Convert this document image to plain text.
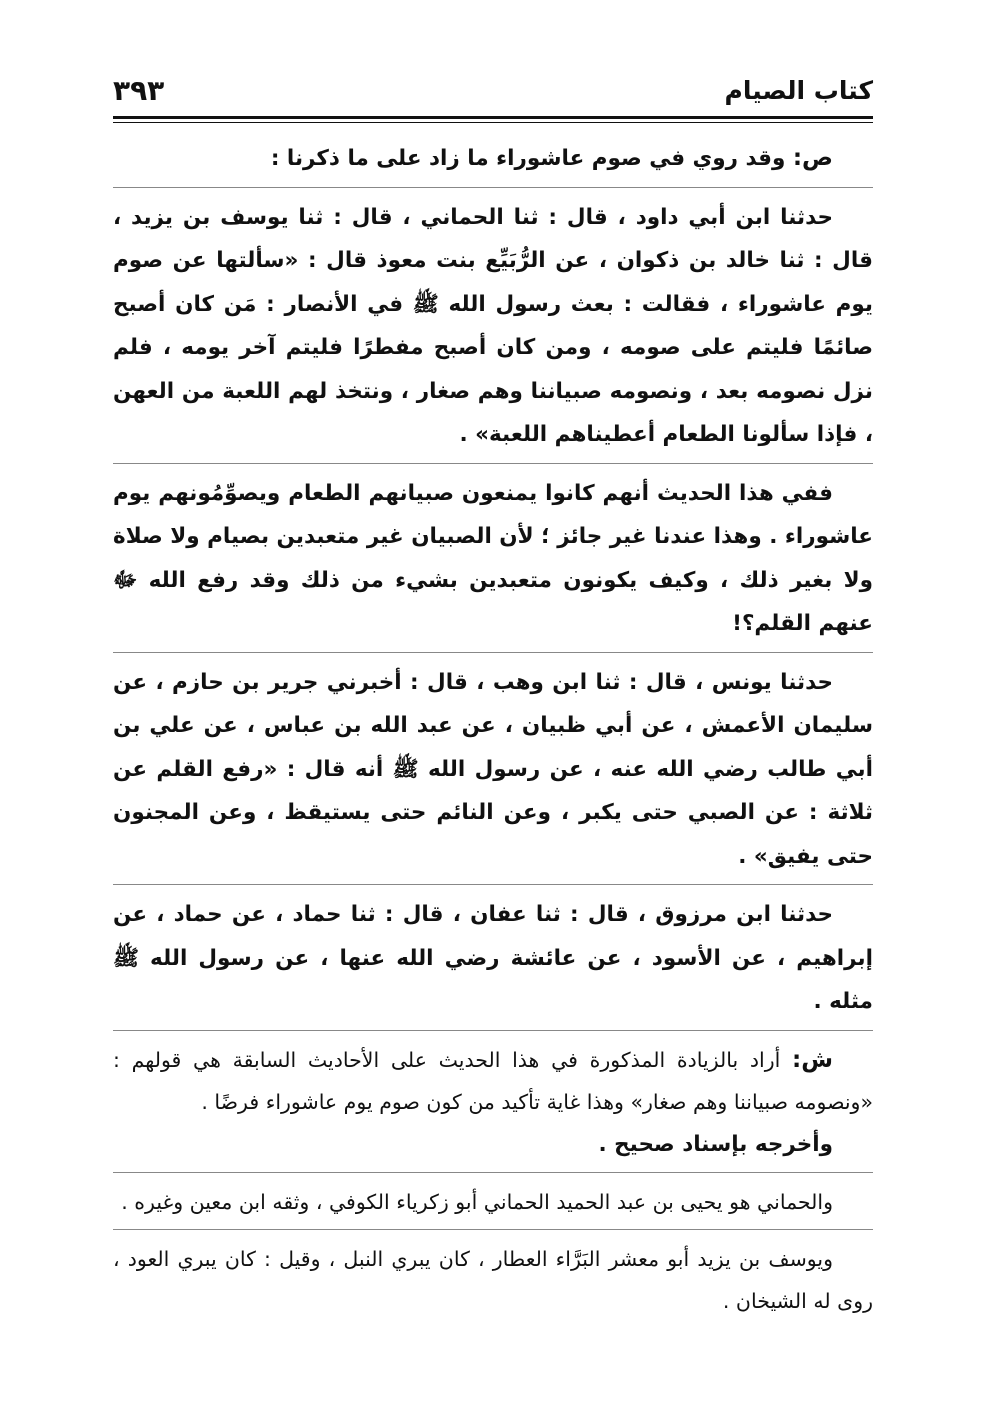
كتاب الصيام
٣٩٣

ص: وقد روي في صوم عاشوراء ما زاد على ما ذكرنا :

حدثنا ابن أبي داود ، قال : ثنا الحماني ، قال : ثنا يوسف بن يزيد ، قال : ثنا خالد بن ذكوان ، عن الرُّبَيِّع بنت معوذ قال : «سألتها عن صوم يوم عاشوراء ، فقالت : بعث رسول الله ﷺ في الأنصار : مَن كان أصبح صائمًا فليتم على صومه ، ومن كان أصبح مفطرًا فليتم آخر يومه ، فلم نزل نصومه بعد ، ونصومه صبياننا وهم صغار ، ونتخذ لهم اللعبة من العهن ، فإذا سألونا الطعام أعطيناهم اللعبة» .

ففي هذا الحديث أنهم كانوا يمنعون صبيانهم الطعام ويصوِّمُونهم يوم عاشوراء . وهذا عندنا غير جائز ؛ لأن الصبيان غير متعبدين بصيام ولا صلاة ولا بغير ذلك ، وكيف يكونون متعبدين بشيء من ذلك وقد رفع الله ﷻ عنهم القلم؟!

حدثنا يونس ، قال : ثنا ابن وهب ، قال : أخبرني جرير بن حازم ، عن سليمان الأعمش ، عن أبي ظبيان ، عن عبد الله بن عباس ، عن علي بن أبي طالب رضي الله عنه ، عن رسول الله ﷺ أنه قال : «رفع القلم عن ثلاثة : عن الصبي حتى يكبر ، وعن النائم حتى يستيقظ ، وعن المجنون حتى يفيق» .

حدثنا ابن مرزوق ، قال : ثنا عفان ، قال : ثنا حماد ، عن حماد ، عن إبراهيم ، عن الأسود ، عن عائشة رضي الله عنها ، عن رسول الله ﷺ مثله .

ش: أراد بالزيادة المذكورة في هذا الحديث على الأحاديث السابقة هي قولهم : «ونصومه صبياننا وهم صغار» وهذا غاية تأكيد من كون صوم يوم عاشوراء فرضًا .

وأخرجه بإسناد صحيح .

والحماني هو يحيى بن عبد الحميد الحماني أبو زكرياء الكوفي ، وثقه ابن معين وغيره .

ويوسف بن يزيد أبو معشر البَرَّاء العطار ، كان يبري النبل ، وقيل : كان يبري العود ، روى له الشيخان .
